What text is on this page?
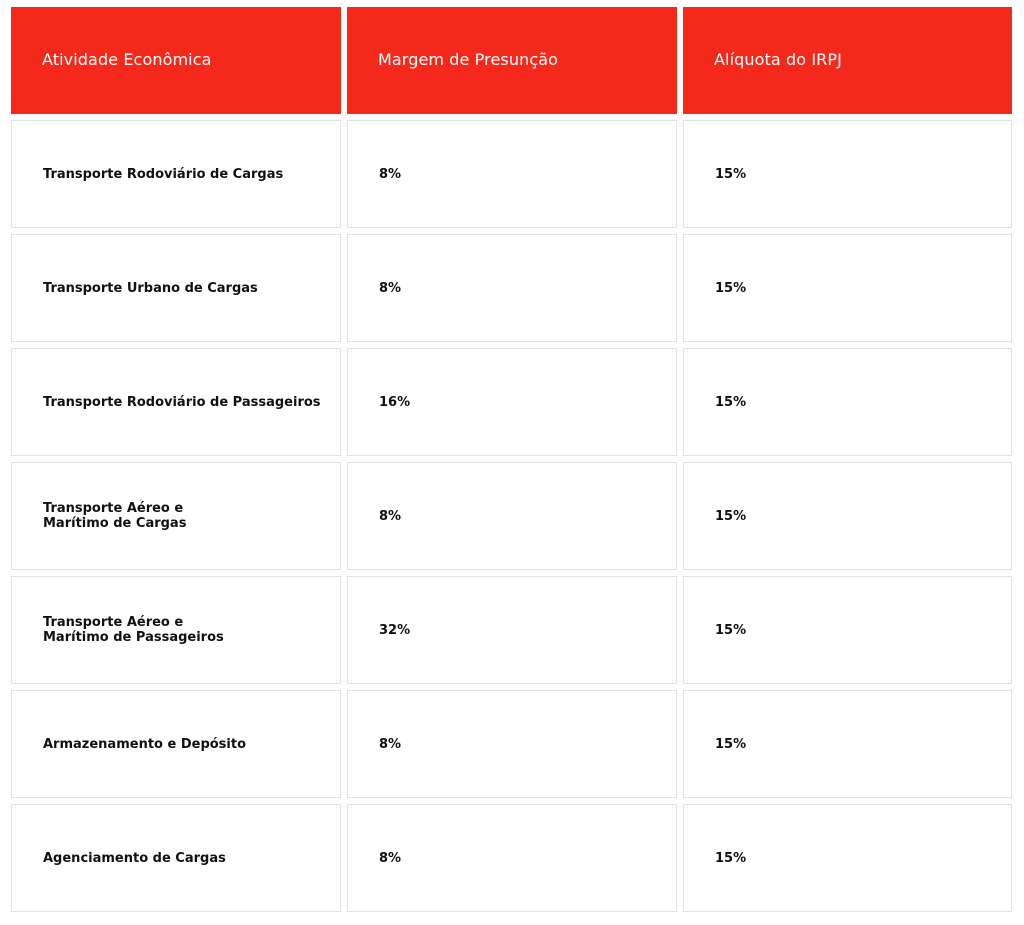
Atividade Econômica	Margem de Presunção	Alíquota do IRPJ
Transporte Rodoviário de Cargas	8%	15%
Transporte Urbano de Cargas	8%	15%
Transporte Rodoviário de Passageiros	16%	15%
Transporte Aéreo e Marítimo de Cargas	8%	15%
Transporte Aéreo e Marítimo de Passageiros	32%	15%
Armazenamento e Depósito	8%	15%
Agenciamento de Cargas	8%	15%
